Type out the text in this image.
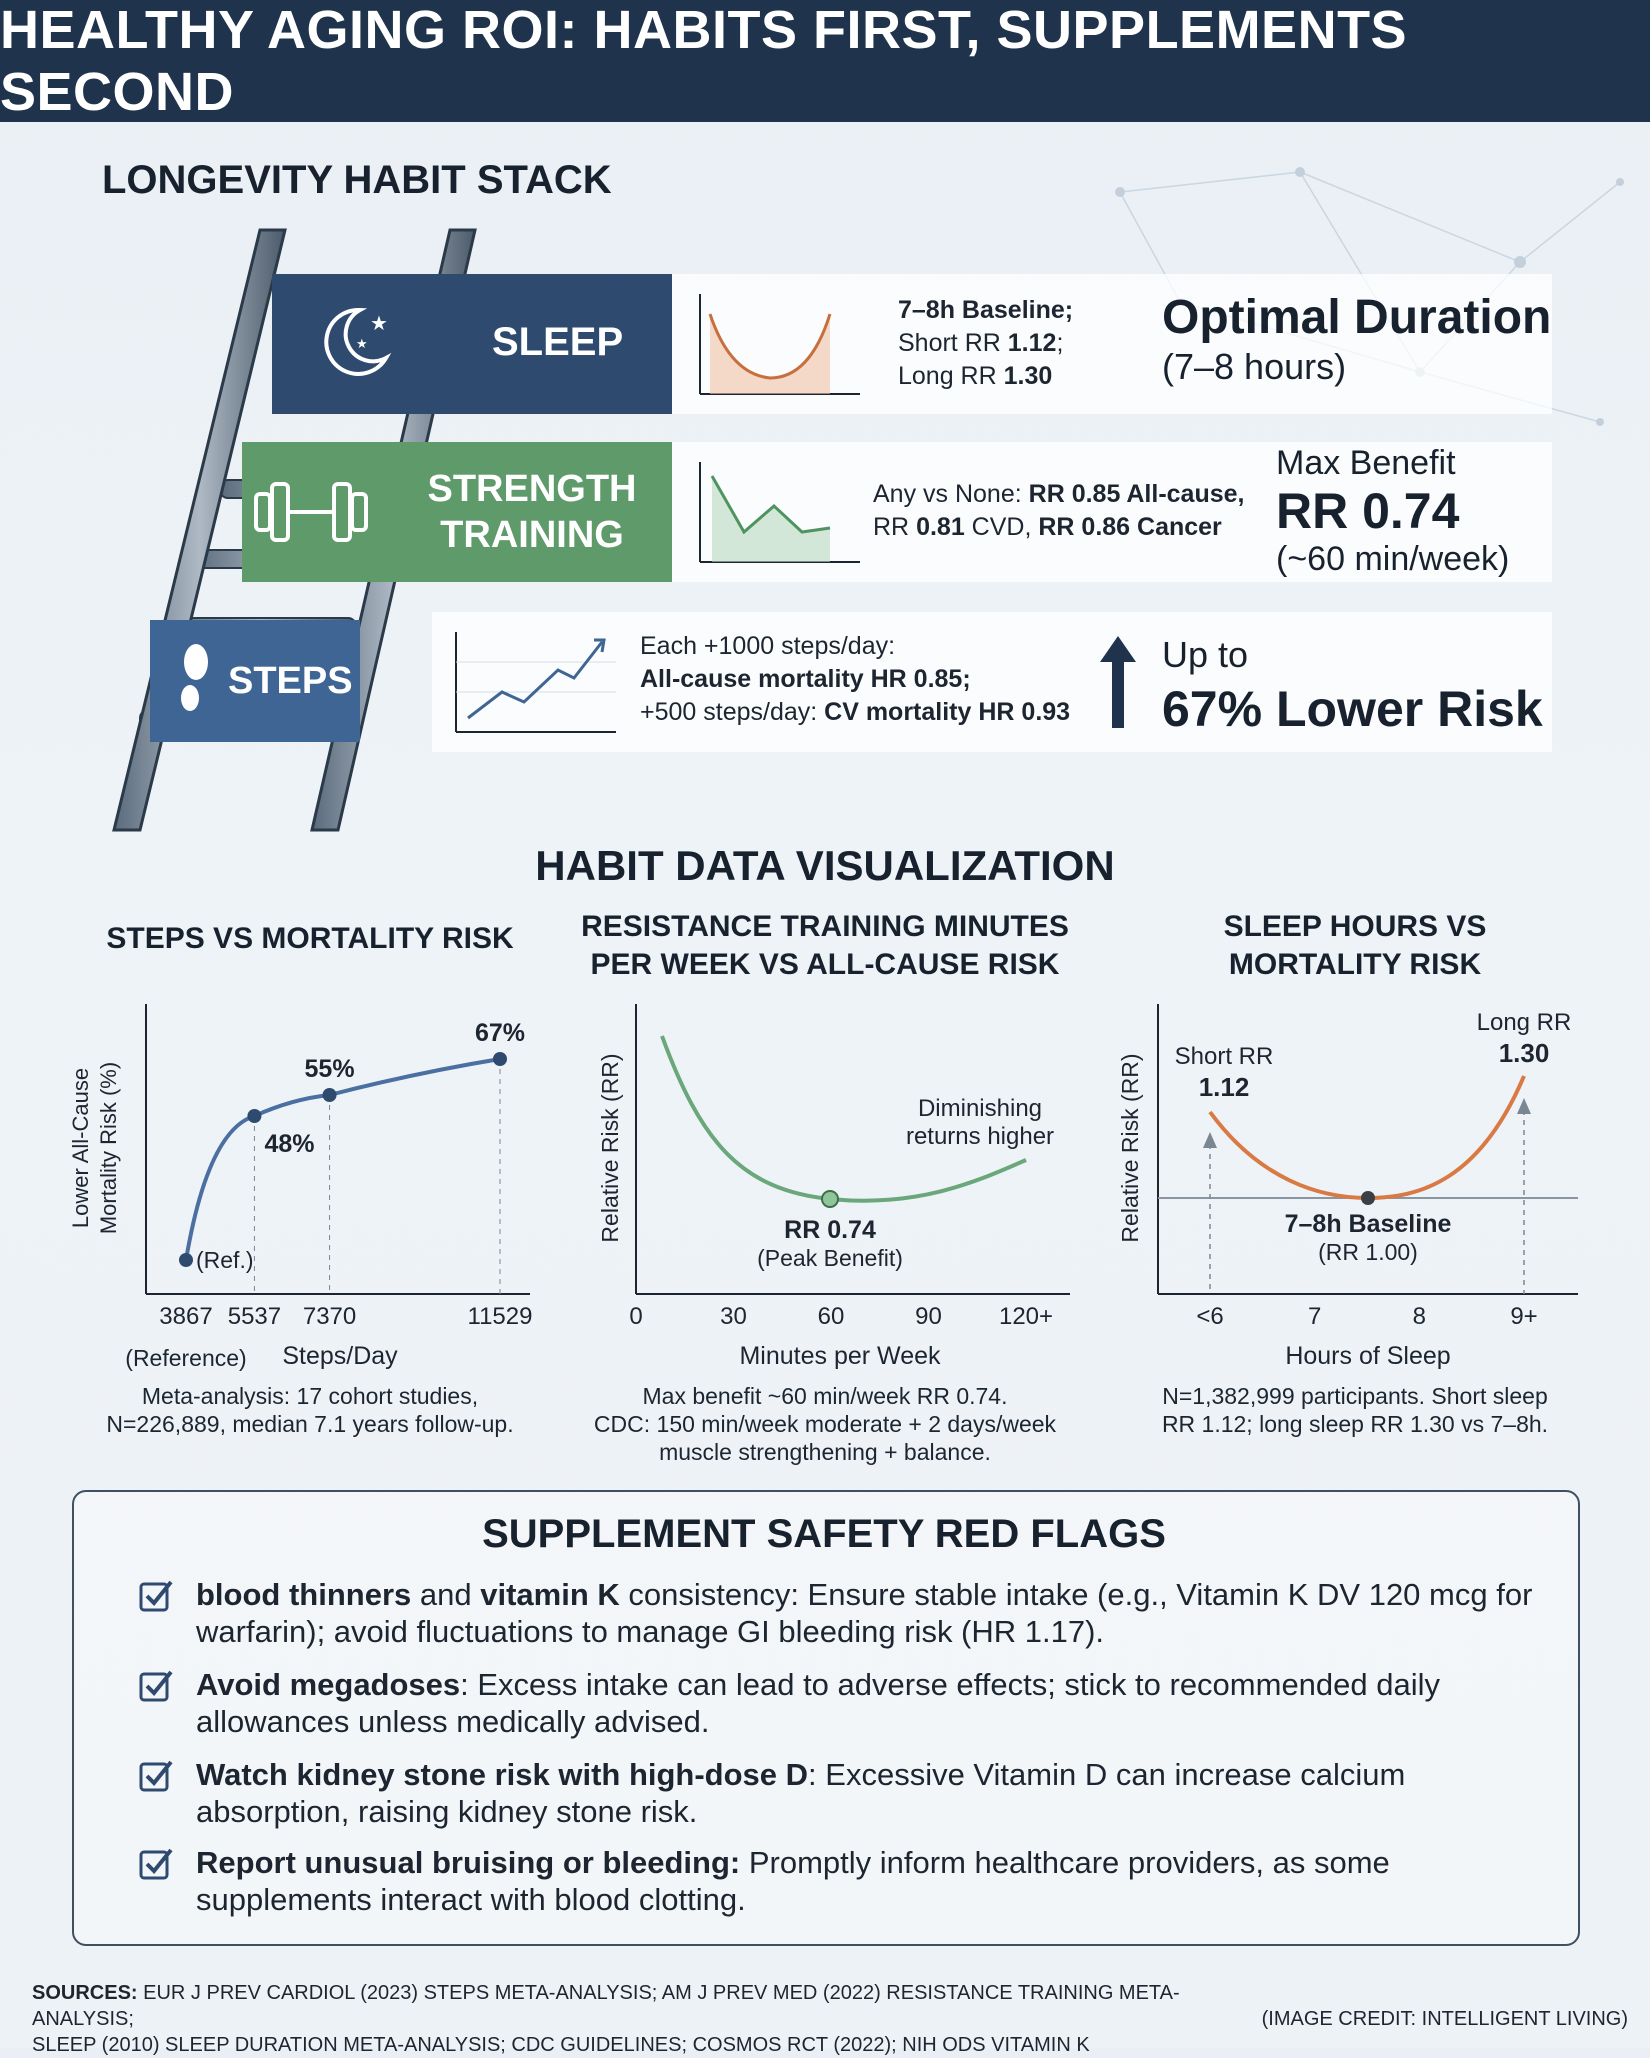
HEALTHY AGING ROI: HABITS FIRST, SUPPLEMENTS SECOND
LONGEVITY HABIT STACK
★
★	SLEEP
STRENGTH
TRAINING
STEPS
7–8h Baseline;
Short RR 1.12;
Long RR 1.30
Any vs None: RR 0.85 All-cause,
RR 0.81 CVD, RR 0.86 Cancer
Each +1000 steps/day:
All-cause mortality HR 0.85;
+500 steps/day: CV mortality HR 0.93
Optimal Duration
(7–8 hours)
Max Benefit
RR 0.74
(~60 min/week)
Up to
67% Lower Risk
HABIT DATA VISUALIZATION
STEPS VS MORTALITY RISK	RESISTANCE TRAINING MINUTES
PER WEEK VS ALL-CAUSE RISK
SLEEP HOURS VS
MORTALITY RISK
Lower All-Cause Mortality Risk (%)
(Ref.)
3867
48%
5537
55%
7370
67%
11529
(Reference) Steps/Day
Meta-analysis: 17 cohort studies,
N=226,889, median 7.1 years follow-up.
Relative Risk (RR)	RR 0.74
(Peak Benefit)
Diminishing
returns higher
0	30	60	90 120+
Minutes per Week
Max benefit ~60 min/week RR 0.74.
CDC: 150 min/week moderate + 2 days/week
muscle strengthening + balance.
Relative Risk (RR) Short RR
1.12
Long RR
1.30
7–8h Baseline
(RR 1.00)
<6	7	8	9+
Hours of Sleep
N=1,382,999 participants. Short sleep
RR 1.12; long sleep RR 1.30 vs 7–8h.
SUPPLEMENT SAFETY RED FLAGS
blood thinners and vitamin K consistency: Ensure stable intake (e.g., Vitamin K DV 120 mcg for warfarin); avoid fluctuations to manage GI bleeding risk (HR 1.17).
Avoid megadoses: Excess intake can lead to adverse effects; stick to recommended daily allowances unless medically advised.
Watch kidney stone risk with high-dose D: Excessive Vitamin D can increase calcium absorption, raising kidney stone risk.
Report unusual bruising or bleeding: Promptly inform healthcare providers, as some supplements interact with blood clotting.
SOURCES: EUR J PREV CARDIOL (2023) STEPS META-ANALYSIS; AM J PREV MED (2022) RESISTANCE TRAINING META-ANALYSIS;
SLEEP (2010) SLEEP DURATION META-ANALYSIS; CDC GUIDELINES; COSMOS RCT (2022); NIH ODS VITAMIN K
(IMAGE CREDIT: INTELLIGENT LIVING)
